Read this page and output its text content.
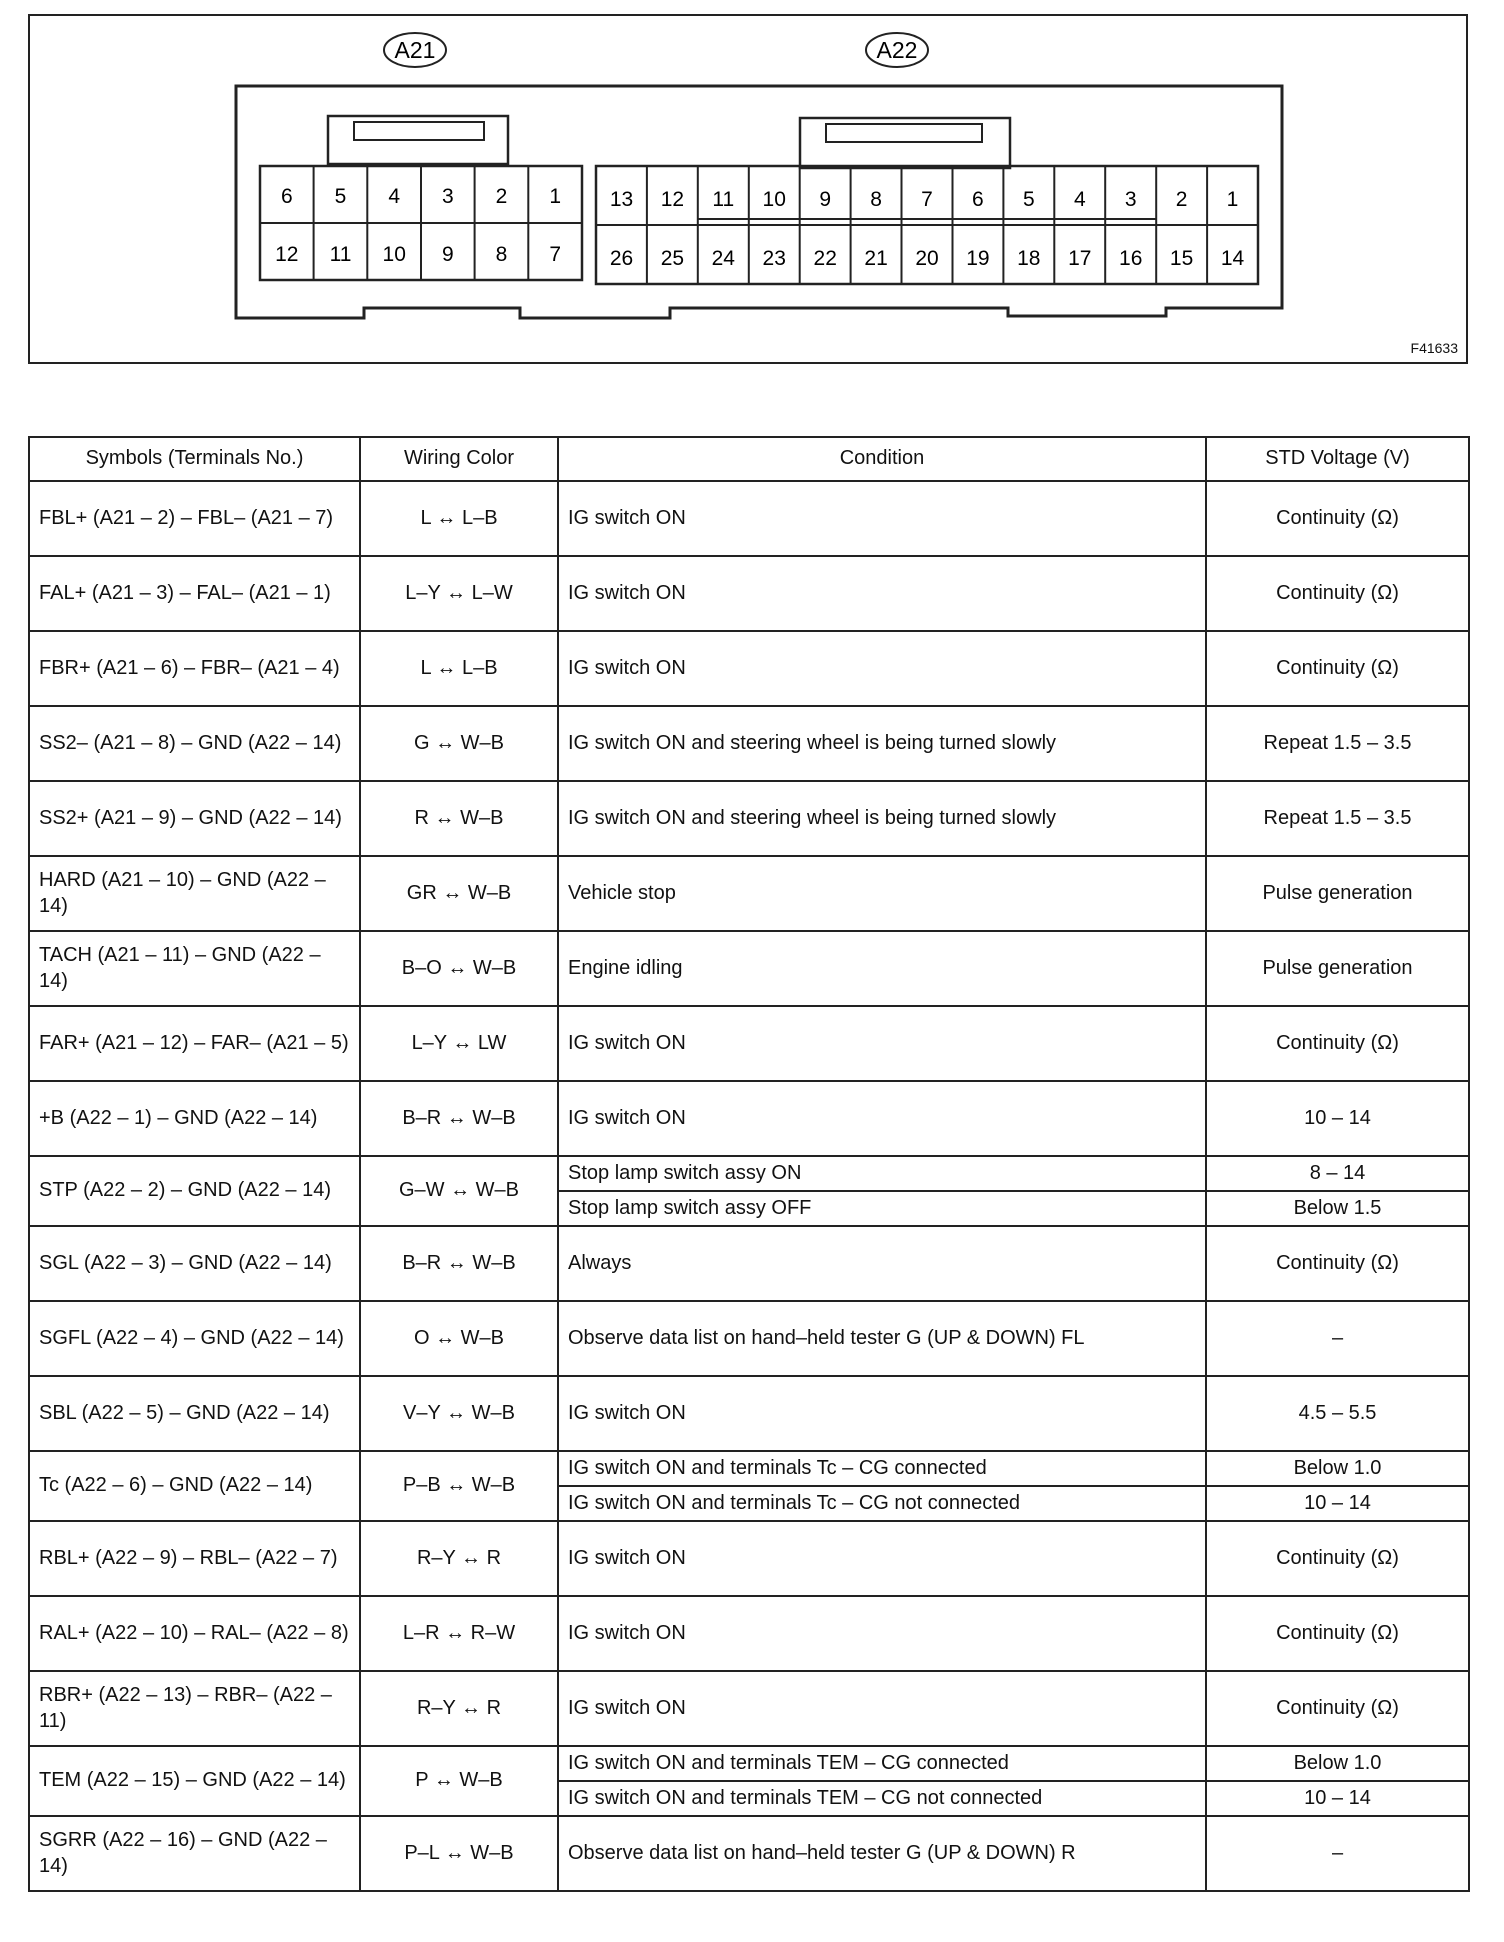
A21	A22
6 5 4 3 2 1
12 11 10 9 8 7
13 12 11 10 9 8 7 6 5 4 3 2 1
26 25 24 23 22 21 20 19 18 17 16 15 14
F41633
Symbols (Terminals No.)	Wiring Color	Condition	STD Voltage (V)
FBL+ (A21 – 2) – FBL– (A21 – 7)	L ↔ L–B	IG switch ON	Continuity (Ω)
FAL+ (A21 – 3) – FAL– (A21 – 1)	L–Y ↔ L–W	IG switch ON	Continuity (Ω)
FBR+ (A21 – 6) – FBR– (A21 – 4)	L ↔ L–B	IG switch ON	Continuity (Ω)
SS2– (A21 – 8) – GND (A22 – 14)	G ↔ W–B	IG switch ON and steering wheel is being turned slowly	Repeat 1.5 – 3.5
SS2+ (A21 – 9) – GND (A22 – 14)	R ↔ W–B	IG switch ON and steering wheel is being turned slowly	Repeat 1.5 – 3.5
HARD (A21 – 10) – GND (A22 – 14)	GR ↔ W–B	Vehicle stop	Pulse generation
TACH (A21 – 11) – GND (A22 – 14)	B–O ↔ W–B	Engine idling	Pulse generation
FAR+ (A21 – 12) – FAR– (A21 – 5)	L–Y ↔ LW	IG switch ON	Continuity (Ω)
+B (A22 – 1) – GND (A22 – 14)	B–R ↔ W–B	IG switch ON	10 – 14
STP (A22 – 2) – GND (A22 – 14)	G–W ↔ W–B	Stop lamp switch assy ON	8 – 14
		Stop lamp switch assy OFF	Below 1.5
SGL (A22 – 3) – GND (A22 – 14)	B–R ↔ W–B	Always	Continuity (Ω)
SGFL (A22 – 4) – GND (A22 – 14)	O ↔ W–B	Observe data list on hand–held tester G (UP & DOWN) FL	–
SBL (A22 – 5) – GND (A22 – 14)	V–Y ↔ W–B	IG switch ON	4.5 – 5.5
Tc (A22 – 6) – GND (A22 – 14)	P–B ↔ W–B	IG switch ON and terminals Tc – CG connected	Below 1.0
		IG switch ON and terminals Tc – CG not connected	10 – 14
RBL+ (A22 – 9) – RBL– (A22 – 7)	R–Y ↔ R	IG switch ON	Continuity (Ω)
RAL+ (A22 – 10) – RAL– (A22 – 8)	L–R ↔ R–W	IG switch ON	Continuity (Ω)
RBR+ (A22 – 13) – RBR– (A22 – 11)	R–Y ↔ R	IG switch ON	Continuity (Ω)
TEM (A22 – 15) – GND (A22 – 14)	P ↔ W–B	IG switch ON and terminals TEM – CG connected	Below 1.0
		IG switch ON and terminals TEM – CG not connected	10 – 14
SGRR (A22 – 16) – GND (A22 – 14)	P–L ↔ W–B	Observe data list on hand–held tester G (UP & DOWN) R	–
